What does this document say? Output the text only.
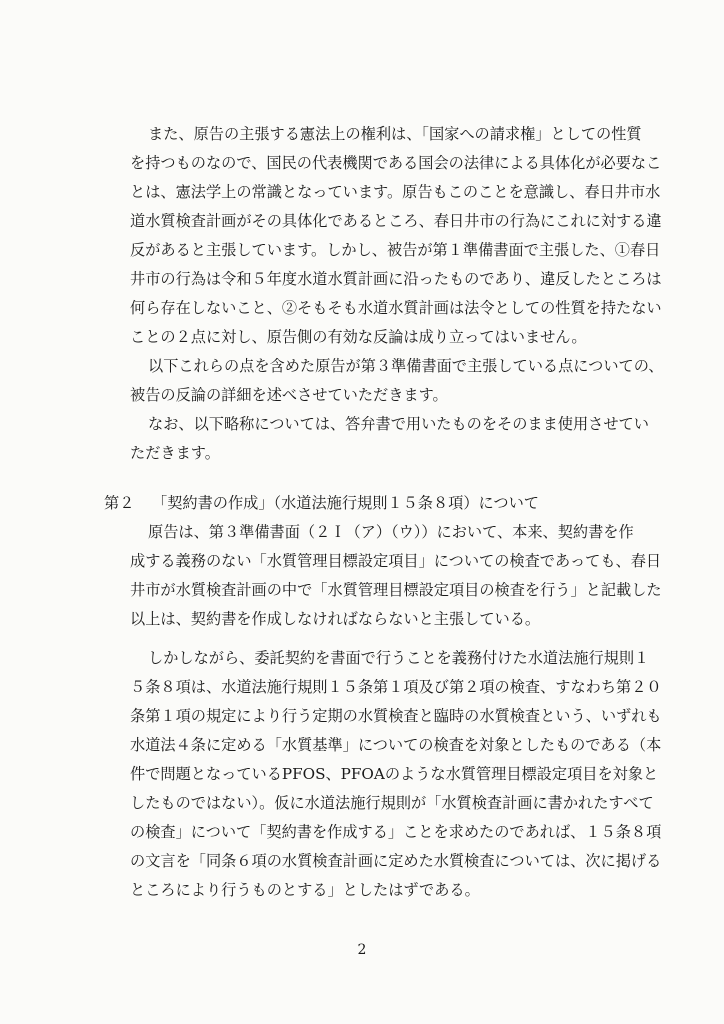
また、原告の主張する憲法上の権利は、「国家への請求権」としての性質
を持つものなので、国民の代表機関である国会の法律による具体化が必要なこ
とは、憲法学上の常識となっています。原告もこのことを意識し、春日井市水
道水質検査計画がその具体化であるところ、春日井市の行為にこれに対する違
反があると主張しています。しかし、被告が第１準備書面で主張した、①春日
井市の行為は令和５年度水道水質計画に沿ったものであり、違反したところは
何ら存在しないこと、②そもそも水道水質計画は法令としての性質を持たない
ことの２点に対し、原告側の有効な反論は成り立ってはいません。
以下これらの点を含めた原告が第３準備書面で主張している点についての、
被告の反論の詳細を述べさせていただきます。
なお、以下略称については、答弁書で用いたものをそのまま使用させてい
ただきます。
第２ 「契約書の作成」（水道法施行規則１５条８項）について
原告は、第３準備書面（２Ｉ（ア）（ウ））において、本来、契約書を作
成する義務のない「水質管理目標設定項目」についての検査であっても、春日
井市が水質検査計画の中で「水質管理目標設定項目の検査を行う」と記載した
以上は、契約書を作成しなければならないと主張している。
しかしながら、委託契約を書面で行うことを義務付けた水道法施行規則１
５条８項は、水道法施行規則１５条第１項及び第２項の検査、すなわち第２０
条第１項の規定により行う定期の水質検査と臨時の水質検査という、いずれも
水道法４条に定める「水質基準」についての検査を対象としたものである（本
件で問題となっているPFOS、PFOAのような水質管理目標設定項目を対象と
したものではない）。仮に水道法施行規則が「水質検査計画に書かれたすべて
の検査」について「契約書を作成する」ことを求めたのであれば、１５条８項
の文言を「同条６項の水質検査計画に定めた水質検査については、次に掲げる
ところにより行うものとする」としたはずである。
2
